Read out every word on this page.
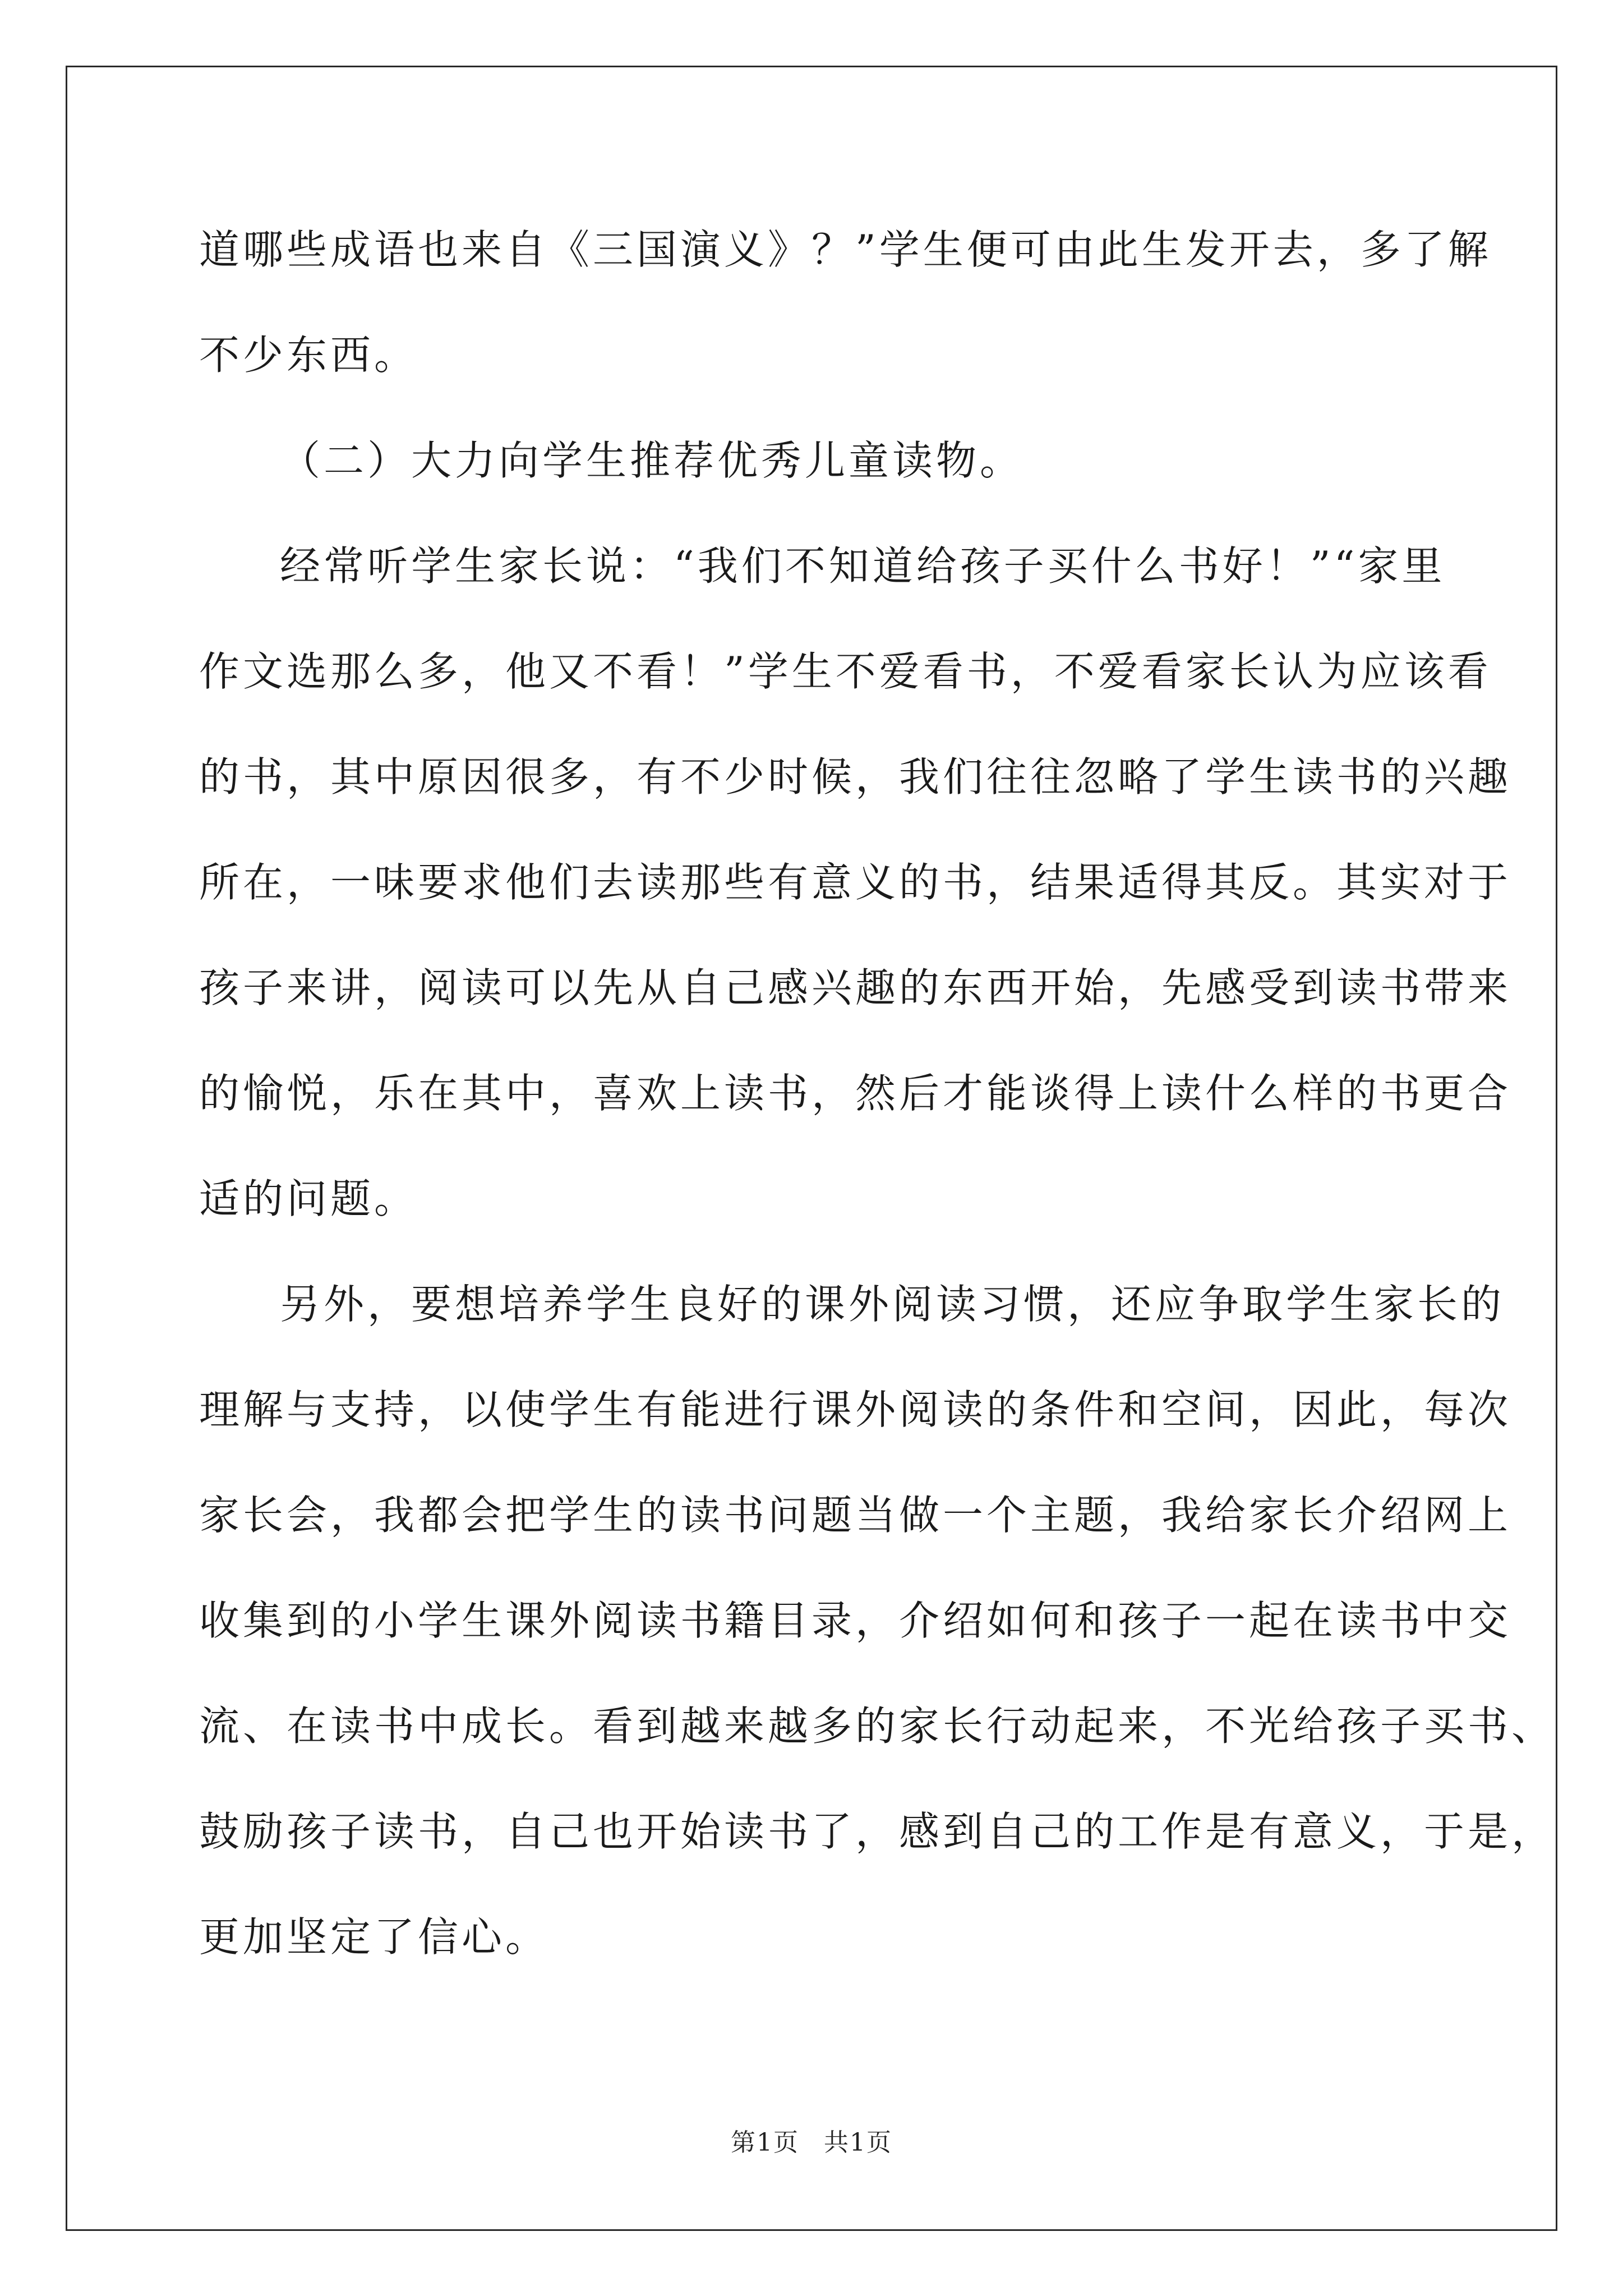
道哪些成语也来自《三国演义》？”学生便可由此生发开去，多了解
不少东西。
（二）大力向学生推荐优秀儿童读物。
经常听学生家长说：“我们不知道给孩子买什么书好！”“家里
作文选那么多，他又不看！”学生不爱看书，不爱看家长认为应该看
的书，其中原因很多，有不少时候，我们往往忽略了学生读书的兴趣
所在，一味要求他们去读那些有意义的书，结果适得其反。其实对于
孩子来讲，阅读可以先从自己感兴趣的东西开始，先感受到读书带来
的愉悦，乐在其中，喜欢上读书，然后才能谈得上读什么样的书更合
适的问题。
另外，要想培养学生良好的课外阅读习惯，还应争取学生家长的
理解与支持，以使学生有能进行课外阅读的条件和空间，因此，每次
家长会，我都会把学生的读书问题当做一个主题，我给家长介绍网上
收集到的小学生课外阅读书籍目录，介绍如何和孩子一起在读书中交
流、在读书中成长。看到越来越多的家长行动起来，不光给孩子买书、
鼓励孩子读书，自己也开始读书了，感到自己的工作是有意义，于是，
更加坚定了信心。
第1页 共1页
